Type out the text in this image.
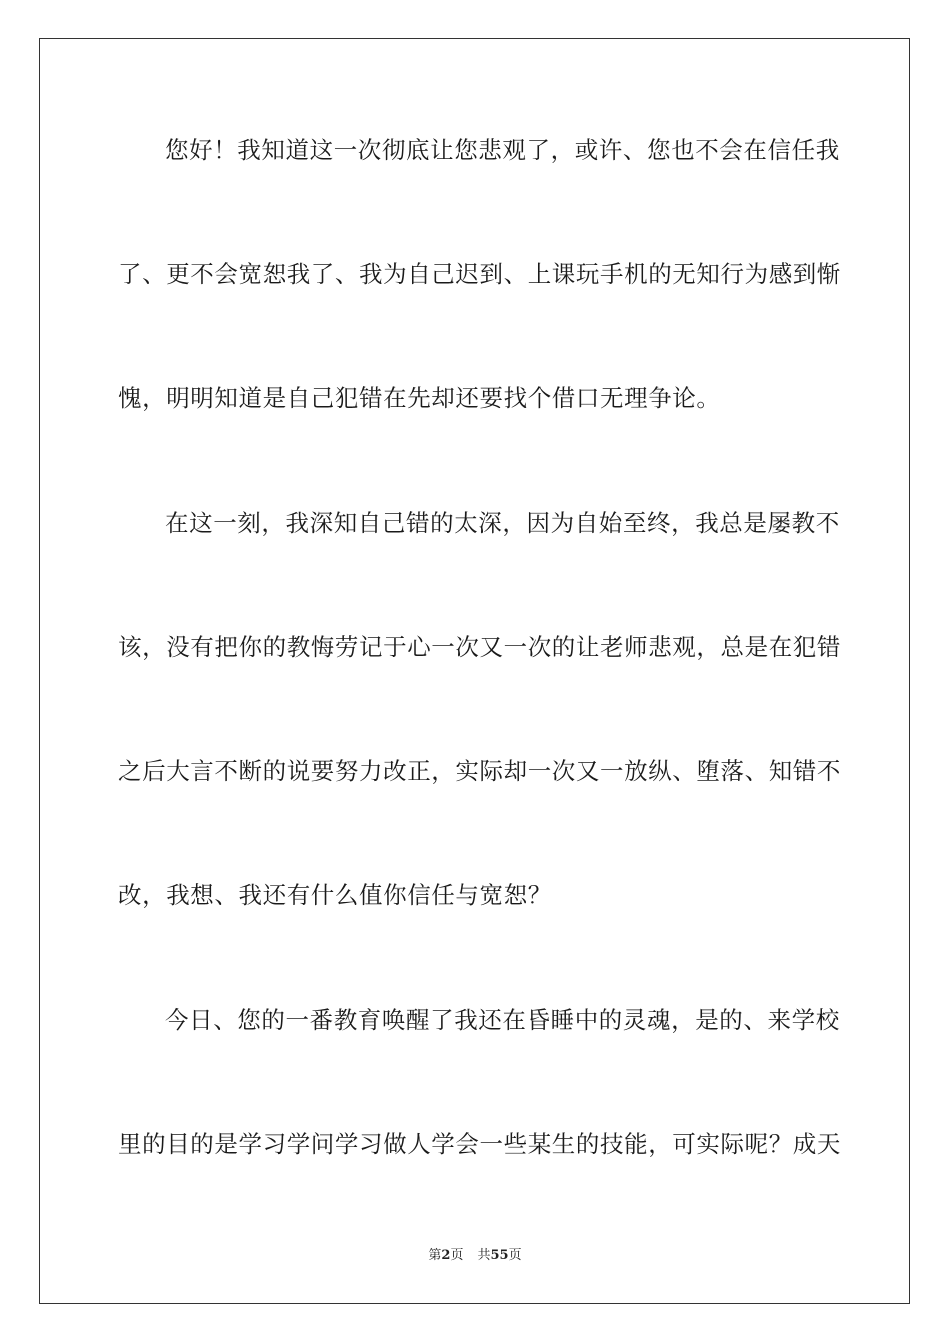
您好！我知道这一次彻底让您悲观了，或许、您也不会在信任我
了、更不会宽恕我了、我为自己迟到、上课玩手机的无知行为感到惭
愧，明明知道是自己犯错在先却还要找个借口无理争论。
在这一刻，我深知自己错的太深，因为自始至终，我总是屡教不
该，没有把你的教悔劳记于心一次又一次的让老师悲观，总是在犯错
之后大言不断的说要努力改正，实际却一次又一放纵、堕落、知错不
改，我想、我还有什么值你信任与宽恕？
今日、您的一番教育唤醒了我还在昏睡中的灵魂，是的、来学校
里的目的是学习学问学习做人学会一些某生的技能，可实际呢？成天
第2页 共55页
